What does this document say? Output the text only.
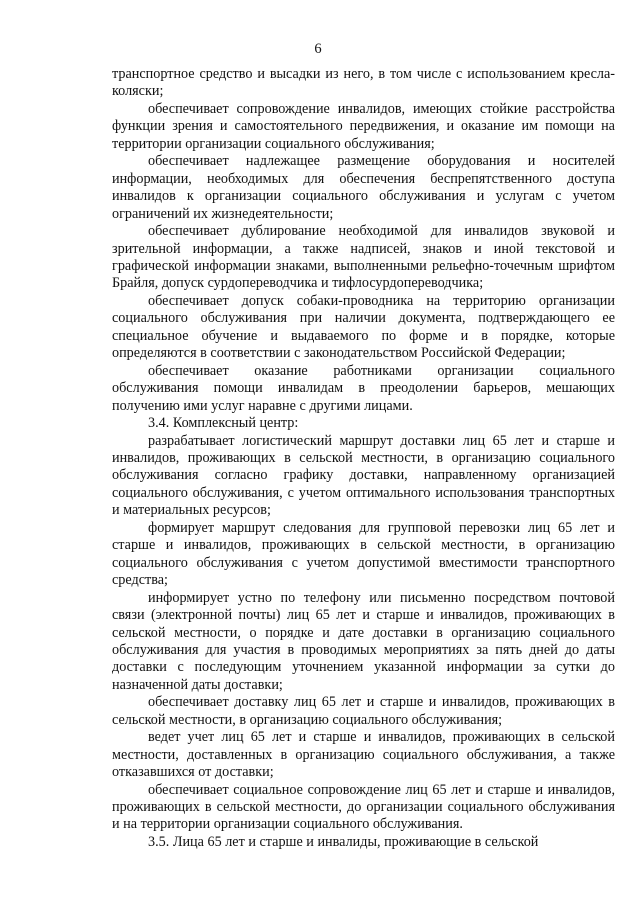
6

транспортное средство и высадки из него, в том числе с использованием кресла-коляски;

обеспечивает сопровождение инвалидов, имеющих стойкие расстройства функции зрения и самостоятельного передвижения, и оказание им помощи на территории организации социального обслуживания;

обеспечивает надлежащее размещение оборудования и носителей информации, необходимых для обеспечения беспрепятственного доступа инвалидов к организации социального обслуживания и услугам с учетом ограничений их жизнедеятельности;

обеспечивает дублирование необходимой для инвалидов звуковой и зрительной информации, а также надписей, знаков и иной текстовой и графической информации знаками, выполненными рельефно-точечным шрифтом Брайля, допуск сурдопереводчика и тифлосурдопереводчика;

обеспечивает допуск собаки-проводника на территорию организации социального обслуживания при наличии документа, подтверждающего ее специальное обучение и выдаваемого по форме и в порядке, которые определяются в соответствии с законодательством Российской Федерации;

обеспечивает оказание работниками организации социального обслуживания помощи инвалидам в преодолении барьеров, мешающих получению ими услуг наравне с другими лицами.

3.4. Комплексный центр:

разрабатывает логистический маршрут доставки лиц 65 лет и старше и инвалидов, проживающих в сельской местности, в организацию социального обслуживания согласно графику доставки, направленному организацией социального обслуживания, с учетом оптимального использования транспортных и материальных ресурсов;

формирует маршрут следования для групповой перевозки лиц 65 лет и старше и инвалидов, проживающих в сельской местности, в организацию социального обслуживания с учетом допустимой вместимости транспортного средства;

информирует устно по телефону или письменно посредством почтовой связи (электронной почты) лиц 65 лет и старше и инвалидов, проживающих в сельской местности, о порядке и дате доставки в организацию социального обслуживания для участия в проводимых мероприятиях за пять дней до даты доставки с последующим уточнением указанной информации за сутки до назначенной даты доставки;

обеспечивает доставку лиц 65 лет и старше и инвалидов, проживающих в сельской местности, в организацию социального обслуживания;

ведет учет лиц 65 лет и старше и инвалидов, проживающих в сельской местности, доставленных в организацию социального обслуживания, а также отказавшихся от доставки;

обеспечивает социальное сопровождение лиц 65 лет и старше и инвалидов, проживающих в сельской местности, до организации социального обслуживания и на территории организации социального обслуживания.

3.5. Лица 65 лет и старше и инвалиды, проживающие в сельской
